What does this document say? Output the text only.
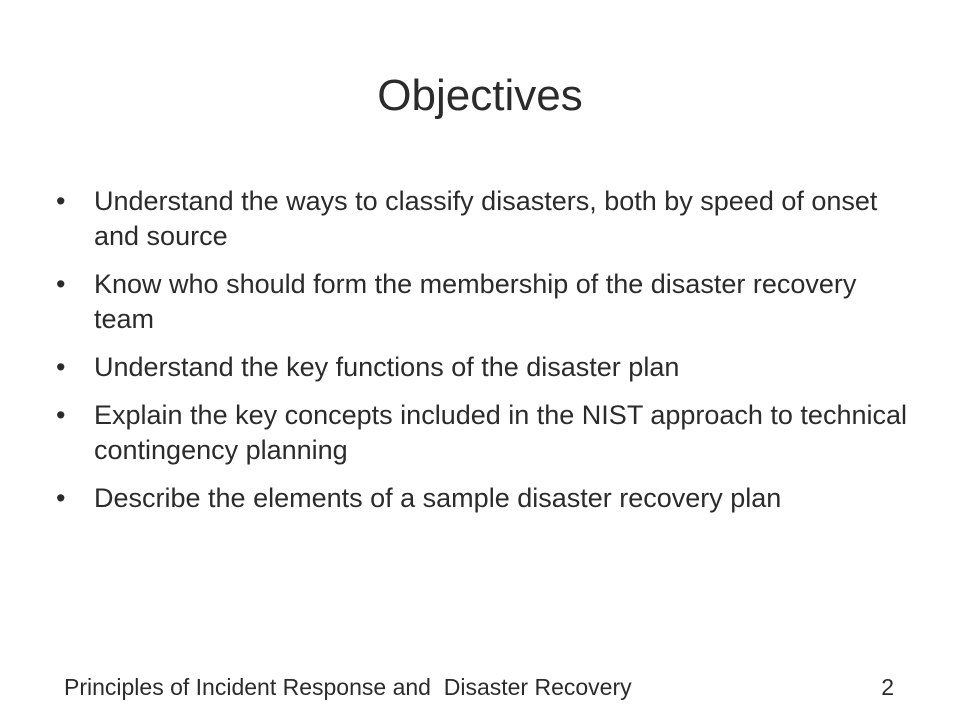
Objectives
• Understand the ways to classify disasters, both by speed of onset and source
• Know who should form the membership of the disaster recovery team
• Understand the key functions of the disaster plan
• Explain the key concepts included in the NIST approach to technical contingency planning
• Describe the elements of a sample disaster recovery plan
Principles of Incident Response and  Disaster Recovery	2
